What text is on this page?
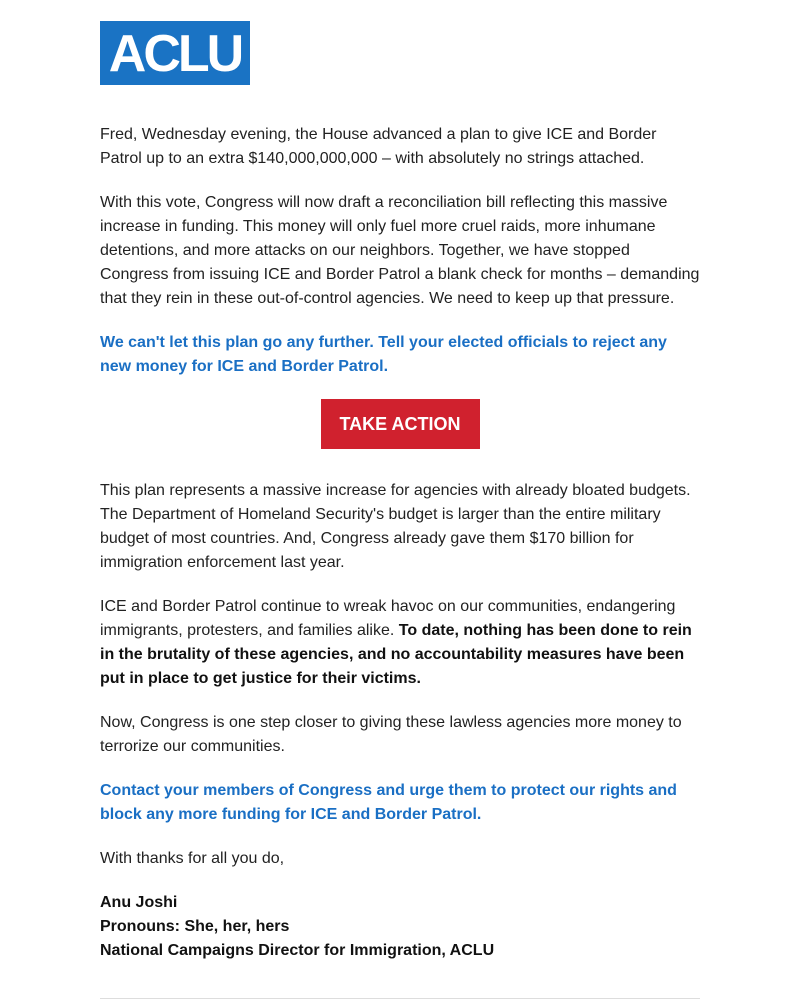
ACLU

Fred, Wednesday evening, the House advanced a plan to give ICE and Border Patrol up to an extra $140,000,000,000 – with absolutely no strings attached.

With this vote, Congress will now draft a reconciliation bill reflecting this massive increase in funding. This money will only fuel more cruel raids, more inhumane detentions, and more attacks on our neighbors. Together, we have stopped Congress from issuing ICE and Border Patrol a blank check for months – demanding that they rein in these out-of-control agencies. We need to keep up that pressure.

We can't let this plan go any further. Tell your elected officials to reject any new money for ICE and Border Patrol.

TAKE ACTION

This plan represents a massive increase for agencies with already bloated budgets. The Department of Homeland Security's budget is larger than the entire military budget of most countries. And, Congress already gave them $170 billion for immigration enforcement last year.

ICE and Border Patrol continue to wreak havoc on our communities, endangering immigrants, protesters, and families alike. To date, nothing has been done to rein in the brutality of these agencies, and no accountability measures have been put in place to get justice for their victims.

Now, Congress is one step closer to giving these lawless agencies more money to terrorize our communities.

Contact your members of Congress and urge them to protect our rights and block any more funding for ICE and Border Patrol.

With thanks for all you do,

Anu Joshi

Pronouns: She, her, hers

National Campaigns Director for Immigration, ACLU
